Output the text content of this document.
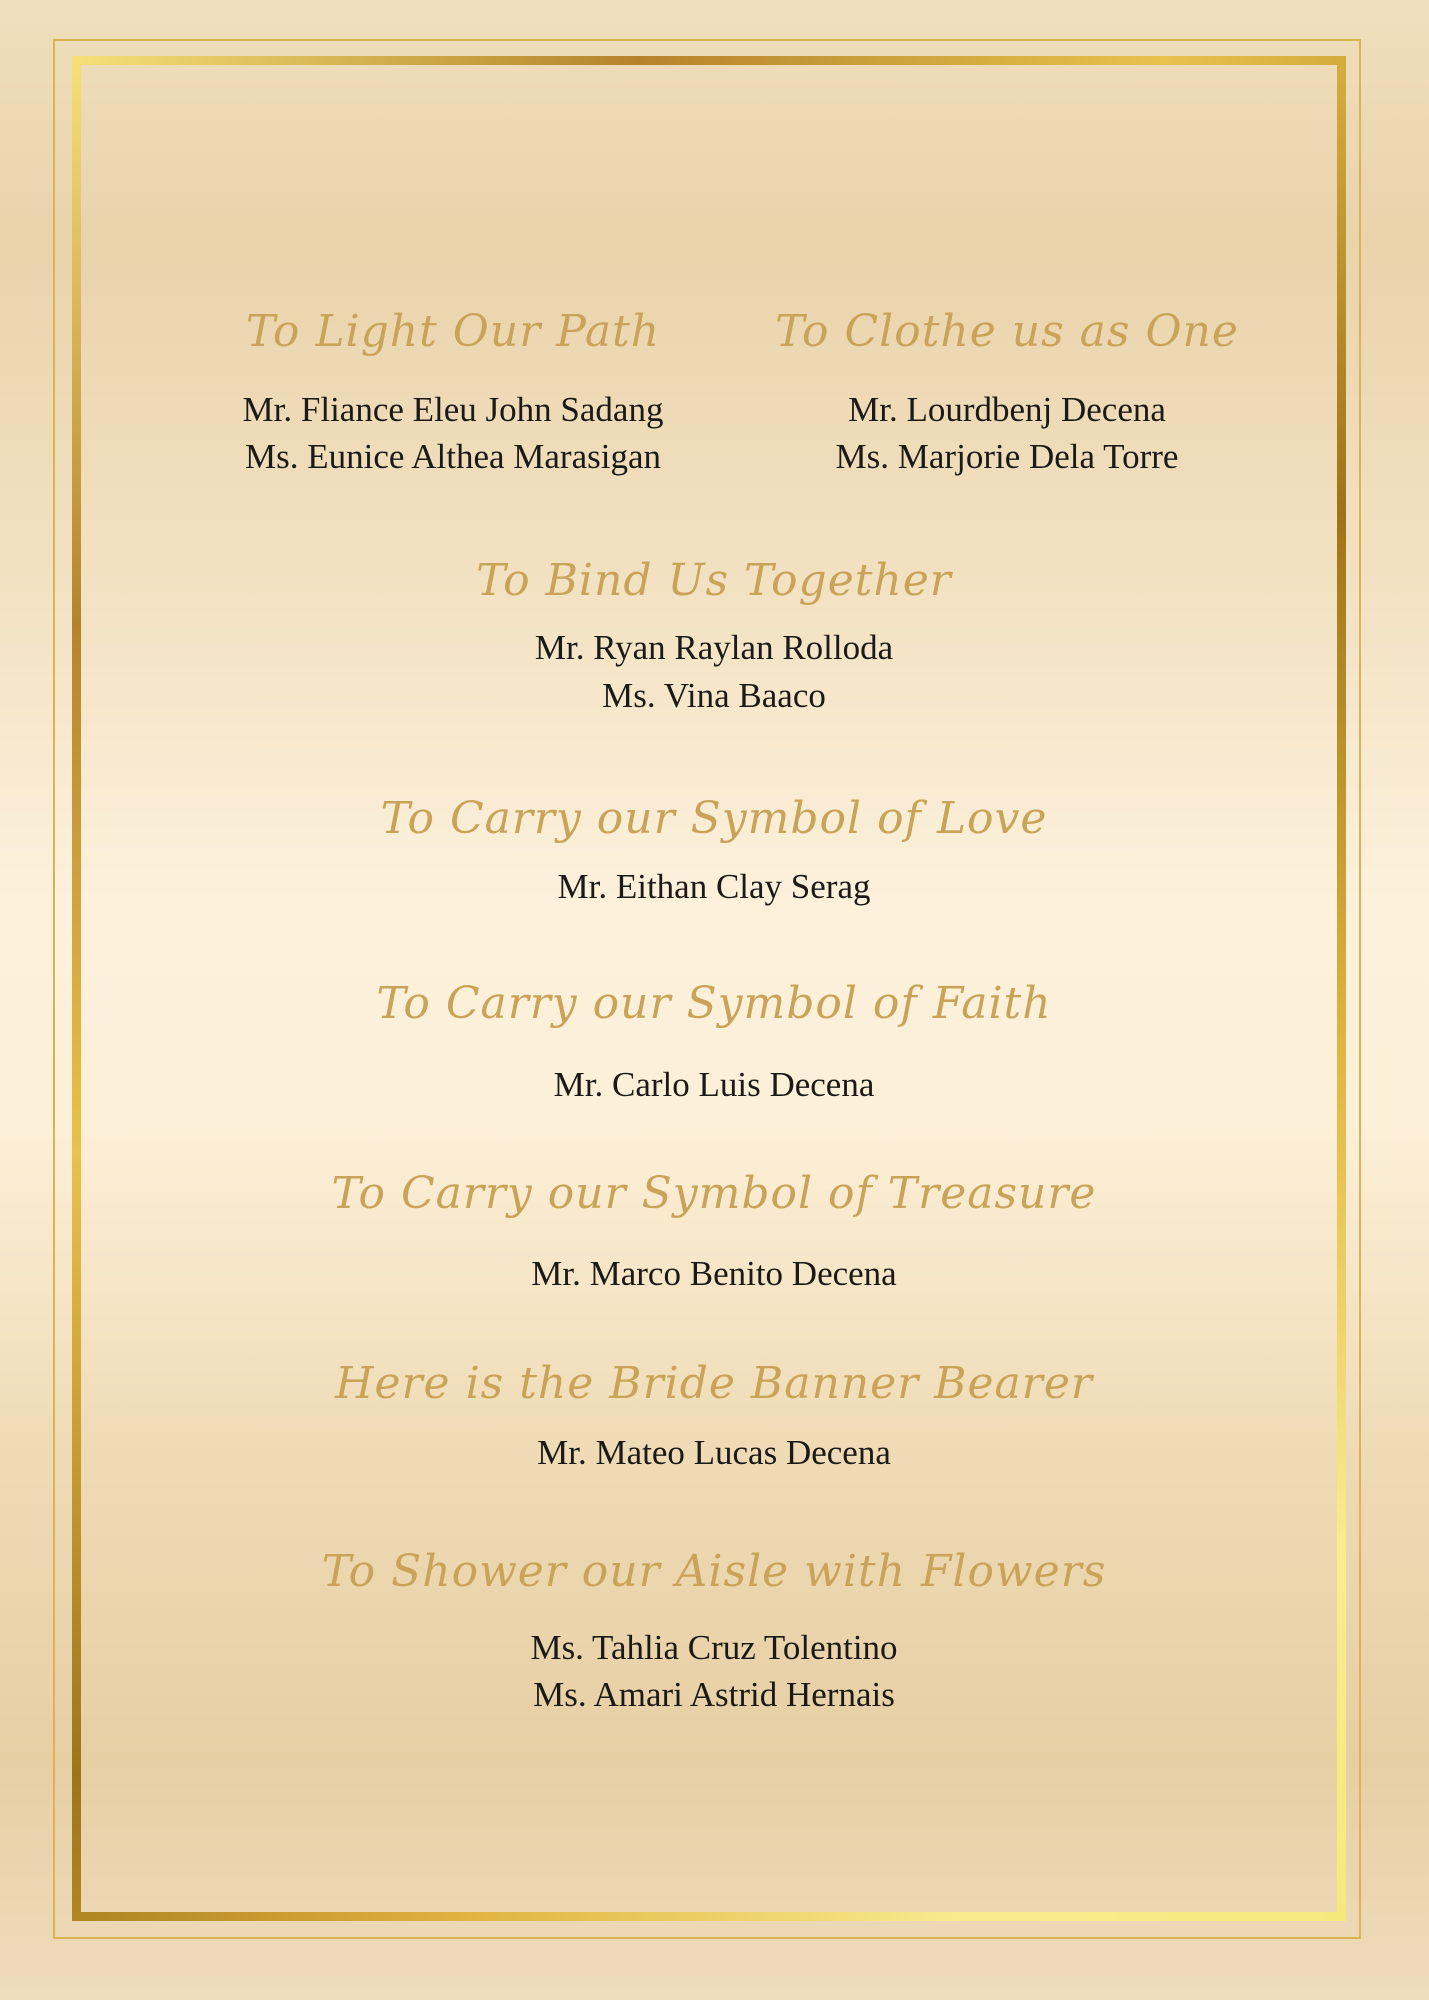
To Light Our Path

Mr. Fliance Eleu John Sadang

Ms. Eunice Althea Marasigan

To Clothe us as One

Mr. Lourdbenj Decena

Ms. Marjorie Dela Torre

To Bind Us Together

Mr. Ryan Raylan Rolloda

Ms. Vina Baaco

To Carry our Symbol of Love

Mr. Eithan Clay Serag

To Carry our Symbol of Faith

Mr. Carlo Luis Decena

To Carry our Symbol of Treasure

Mr. Marco Benito Decena

Here is the Bride Banner Bearer

Mr. Mateo Lucas Decena

To Shower our Aisle with Flowers

Ms. Tahlia Cruz Tolentino

Ms. Amari Astrid Hernais
